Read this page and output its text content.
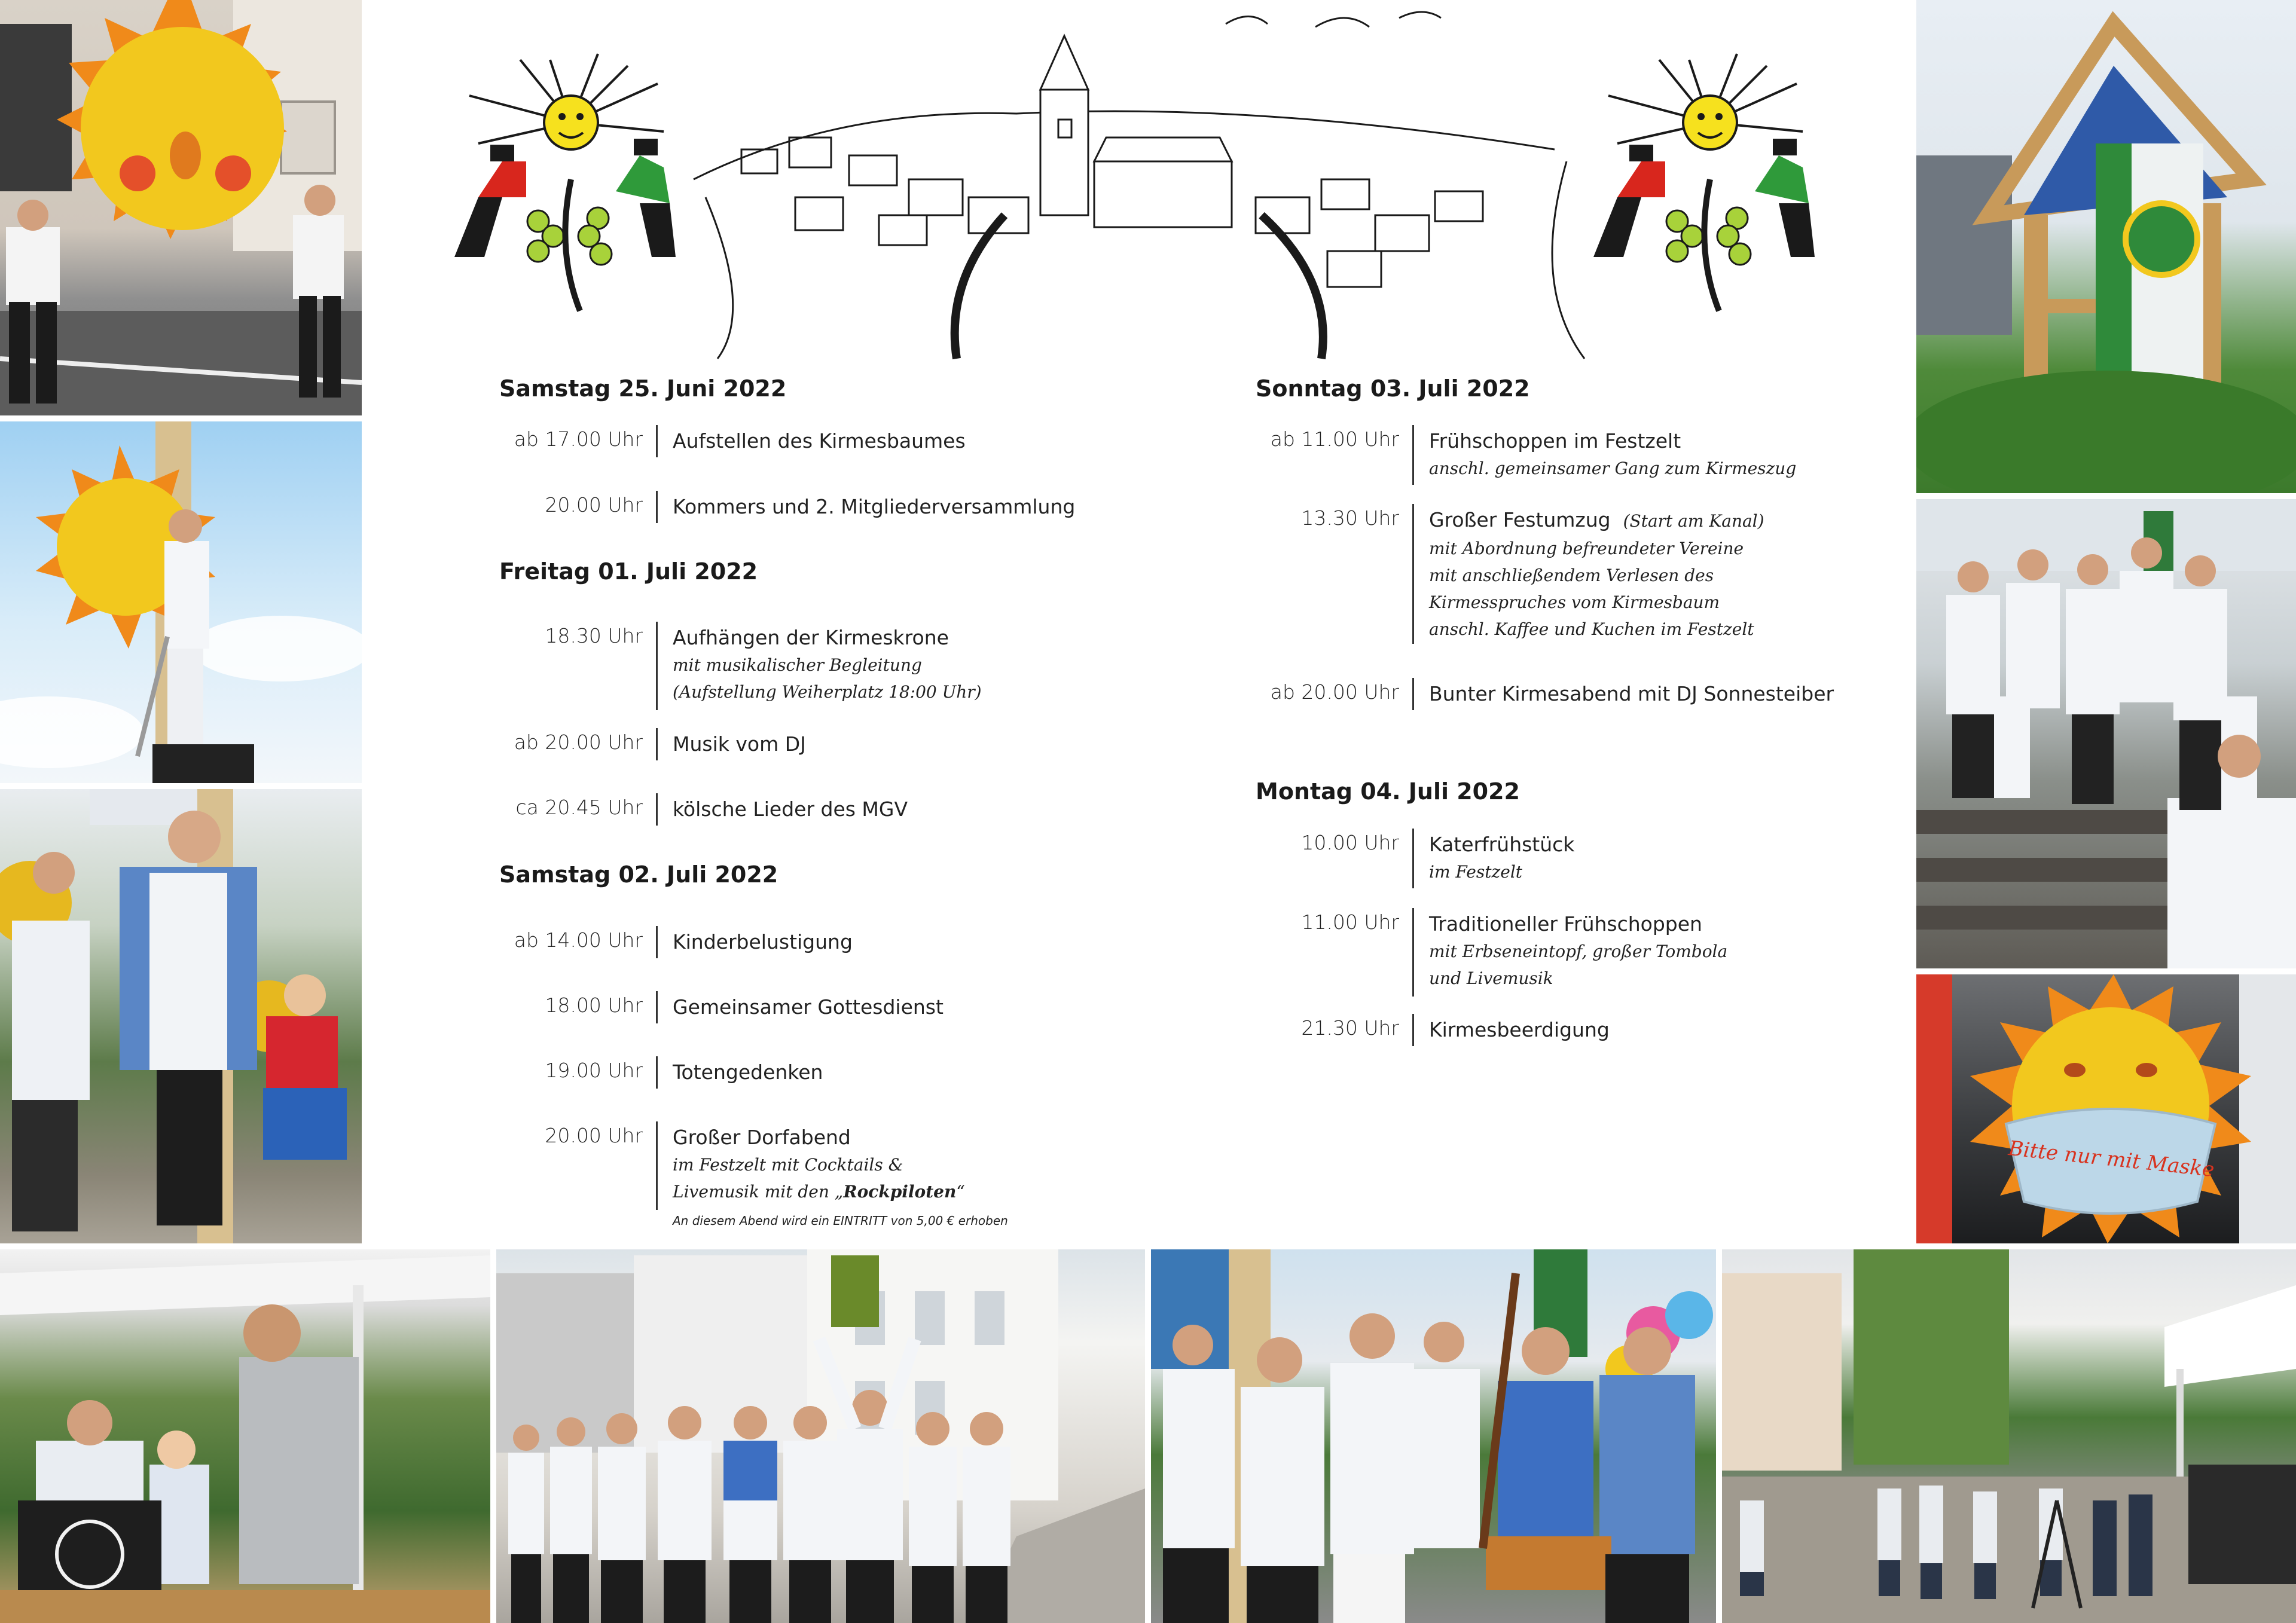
Bitte nur mit Maske
Samstag 25. Juni 2022
ab 17.00 Uhr Aufstellen des Kirmesbaumes
20.00 Uhr Kommers und 2. Mitgliederversammlung
Freitag 01. Juli 2022
18.30 Uhr Aufhängen der Kirmeskrone
mit musikalischer Begleitung
(Aufstellung Weiherplatz 18:00 Uhr)
ab 20.00 Uhr Musik vom DJ
ca 20.45 Uhr kölsche Lieder des MGV
Samstag 02. Juli 2022
ab 14.00 Uhr Kinderbelustigung
18.00 Uhr Gemeinsamer Gottesdienst
19.00 Uhr Totengedenken
20.00 Uhr Großer Dorfabend
im Festzelt mit Cocktails &
Livemusik mit den „Rockpiloten“
An diesem Abend wird ein EINTRITT von 5,00 € erhoben
Sonntag 03. Juli 2022
ab 11.00 Uhr Frühschoppen im Festzelt
anschl. gemeinsamer Gang zum Kirmeszug
13.30 Uhr Großer Festumzug (Start am Kanal)
mit Abordnung befreundeter Vereine
mit anschließendem Verlesen des
Kirmesspruches vom Kirmesbaum
anschl. Kaffee und Kuchen im Festzelt
ab 20.00 Uhr Bunter Kirmesabend mit DJ Sonnesteiber
Montag 04. Juli 2022
10.00 Uhr Katerfrühstück
im Festzelt
11.00 Uhr Traditioneller Frühschoppen
mit Erbseneintopf, großer Tombola
und Livemusik
21.30 Uhr Kirmesbeerdigung
